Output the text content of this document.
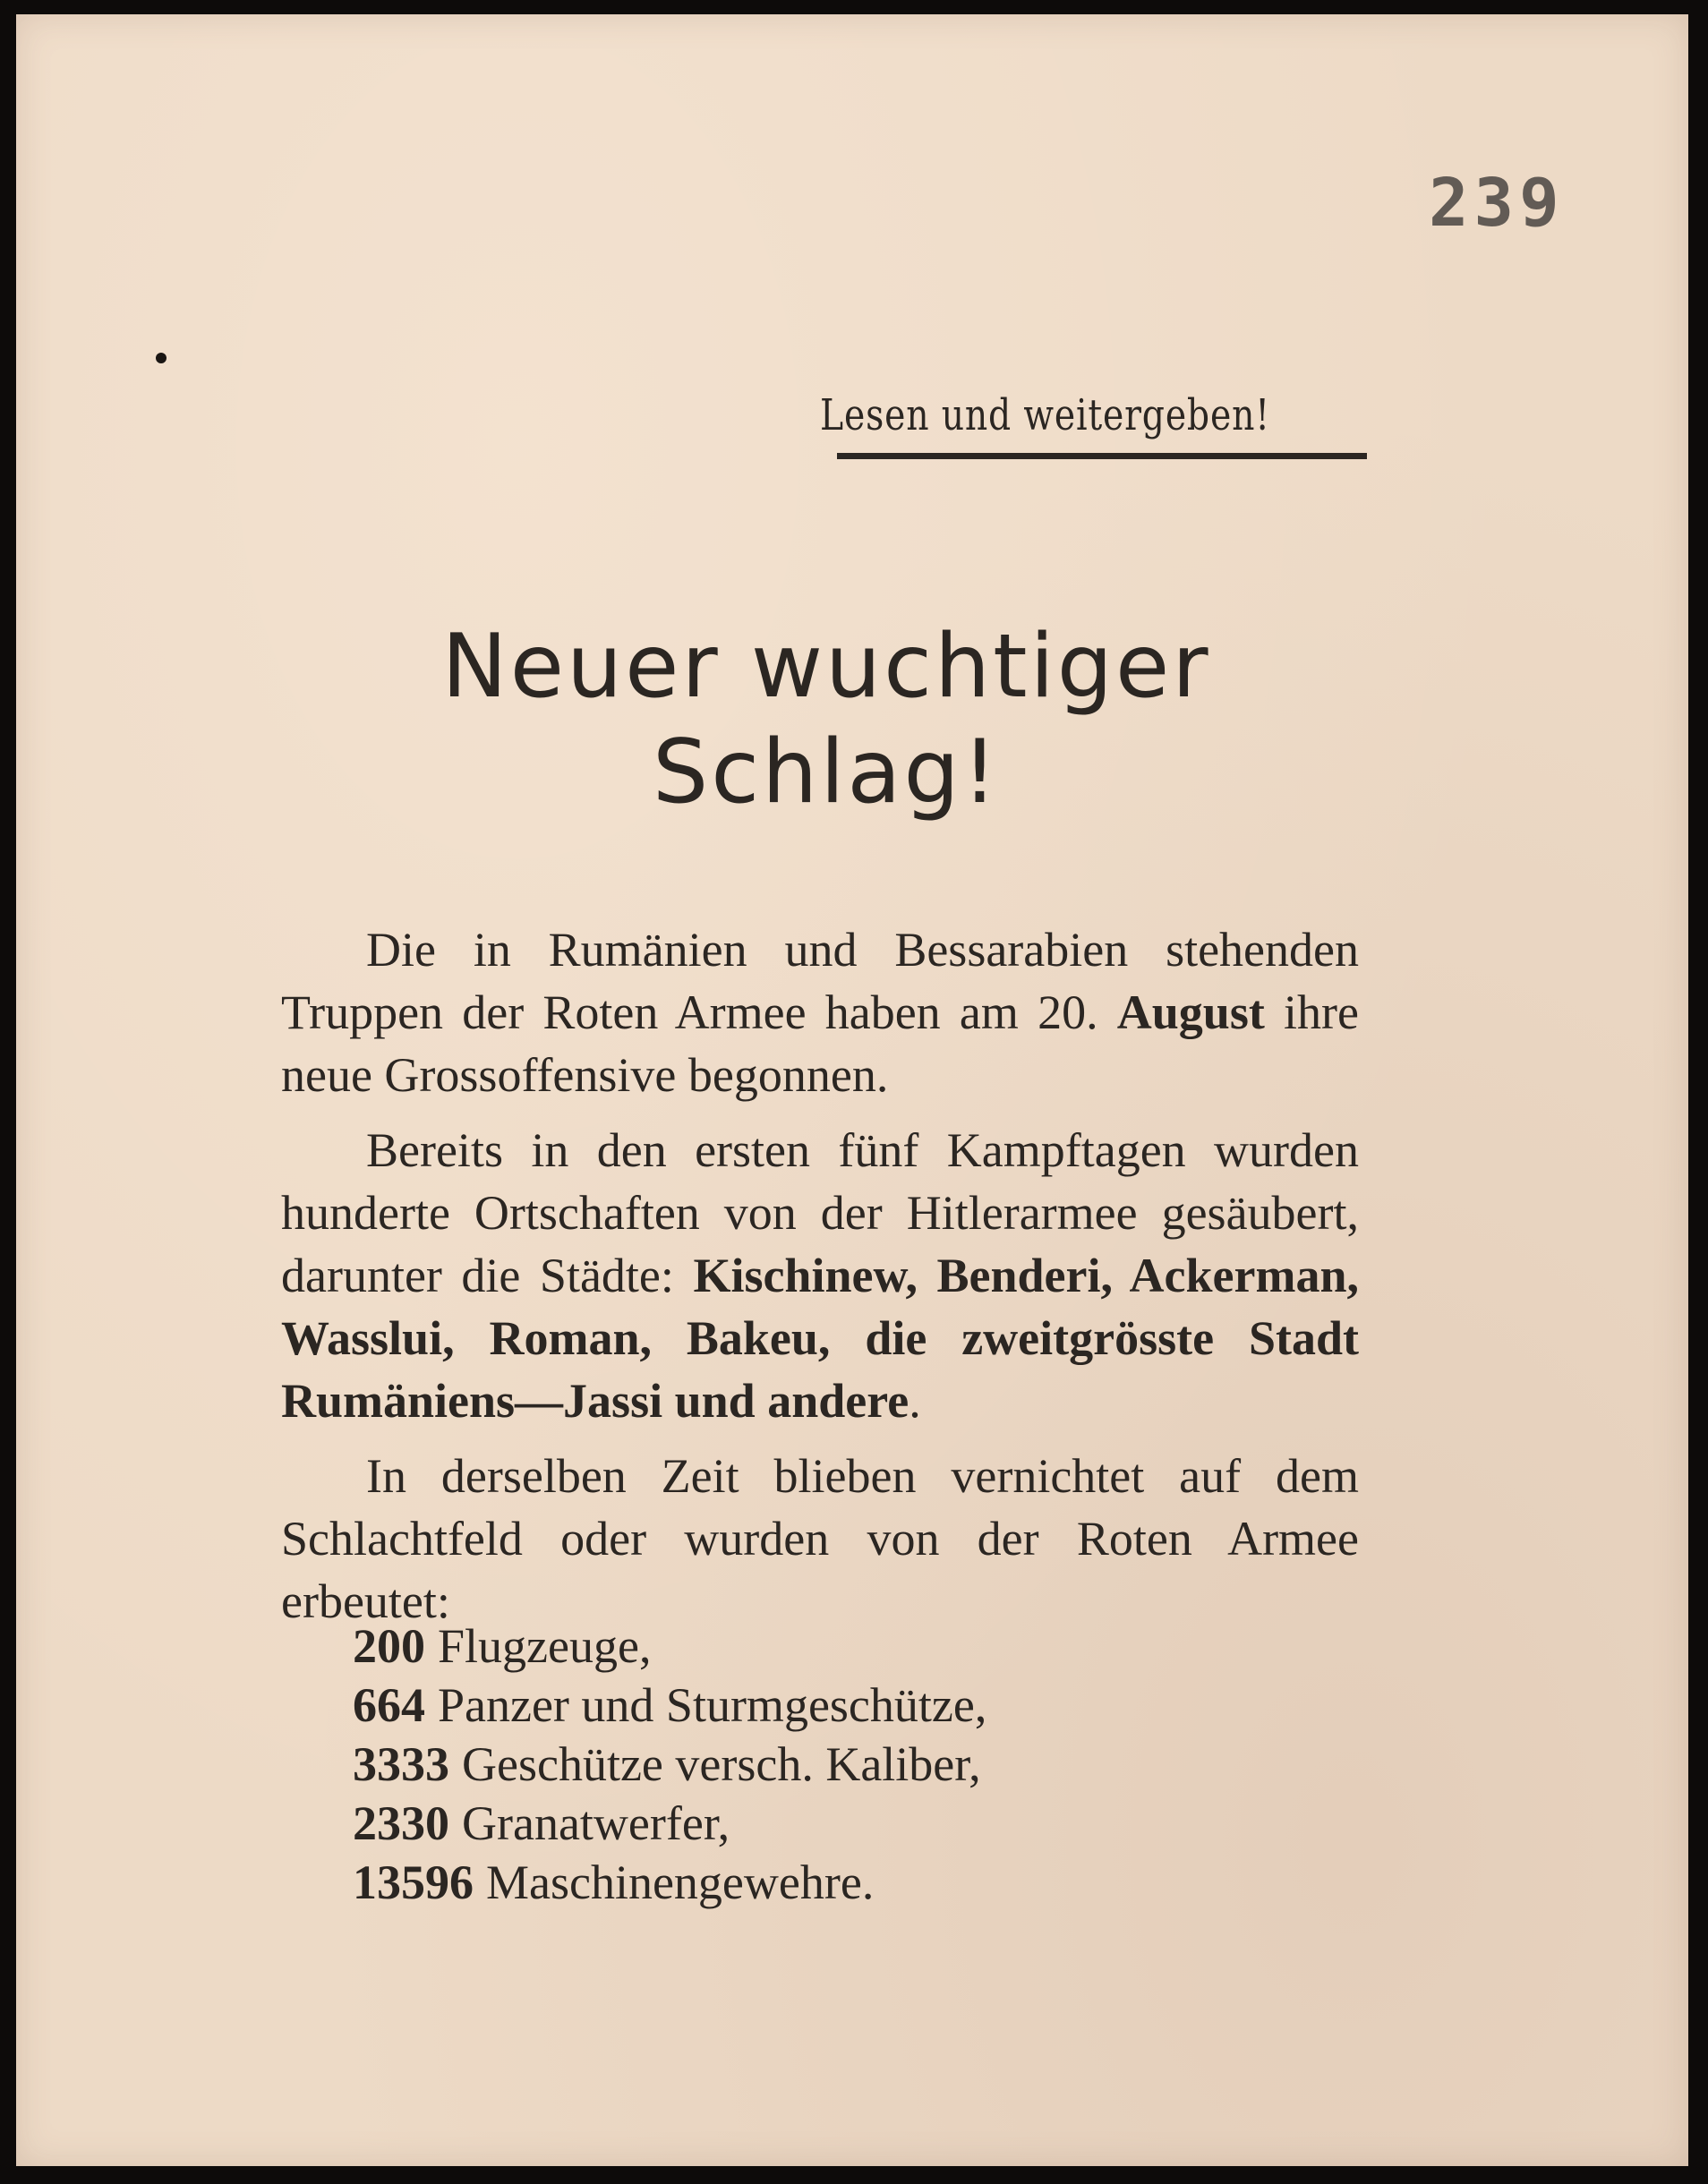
239
Lesen und weitergeben!
Neuer wuchtiger
Schlag!

Die in Rumänien und Bessarabien stehenden Truppen der Roten Armee haben am 20. August ihre neue Grossoffensive begonnen.

Bereits in den ersten fünf Kampftagen wurden hunderte Ortschaften von der Hitlerarmee gesäubert, darunter die Städte: Kischinew, Benderi, Ackerman, Wasslui, Roman, Bakeu, die zweitgrösste Stadt Rumäniens—Jassi und andere.

In derselben Zeit blieben vernichtet auf dem Schlachtfeld oder wurden von der Roten Armee erbeutet:

200 Flugzeuge,
664 Panzer und Sturmgeschütze,
3333 Geschütze versch. Kaliber,
2330 Granatwerfer,
13596 Maschinengewehre.
